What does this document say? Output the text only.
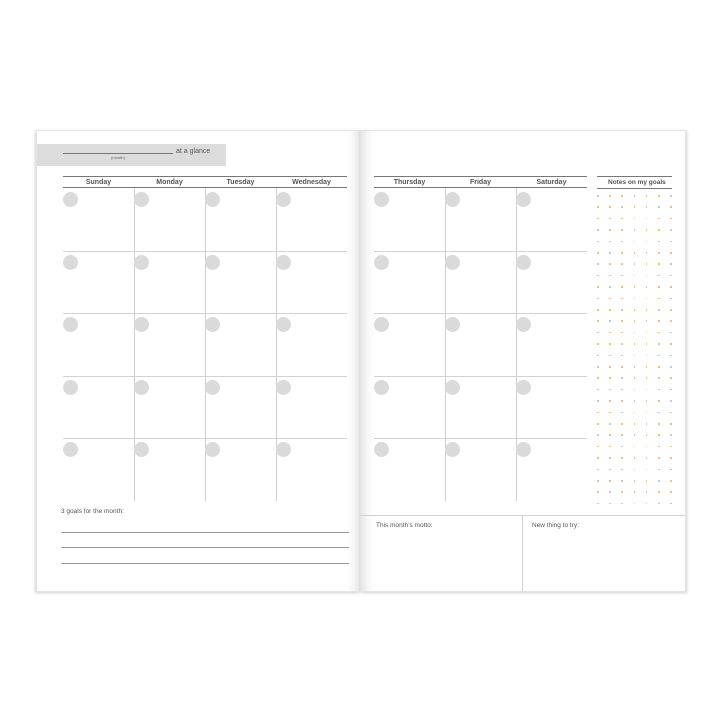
(month)
at a glance
Sunday	Monday	Tuesday	Wednesday
3 goals for the month:
Thursday	Friday	Saturday	Notes on my goals
This month’s motto:	New thing to try:
